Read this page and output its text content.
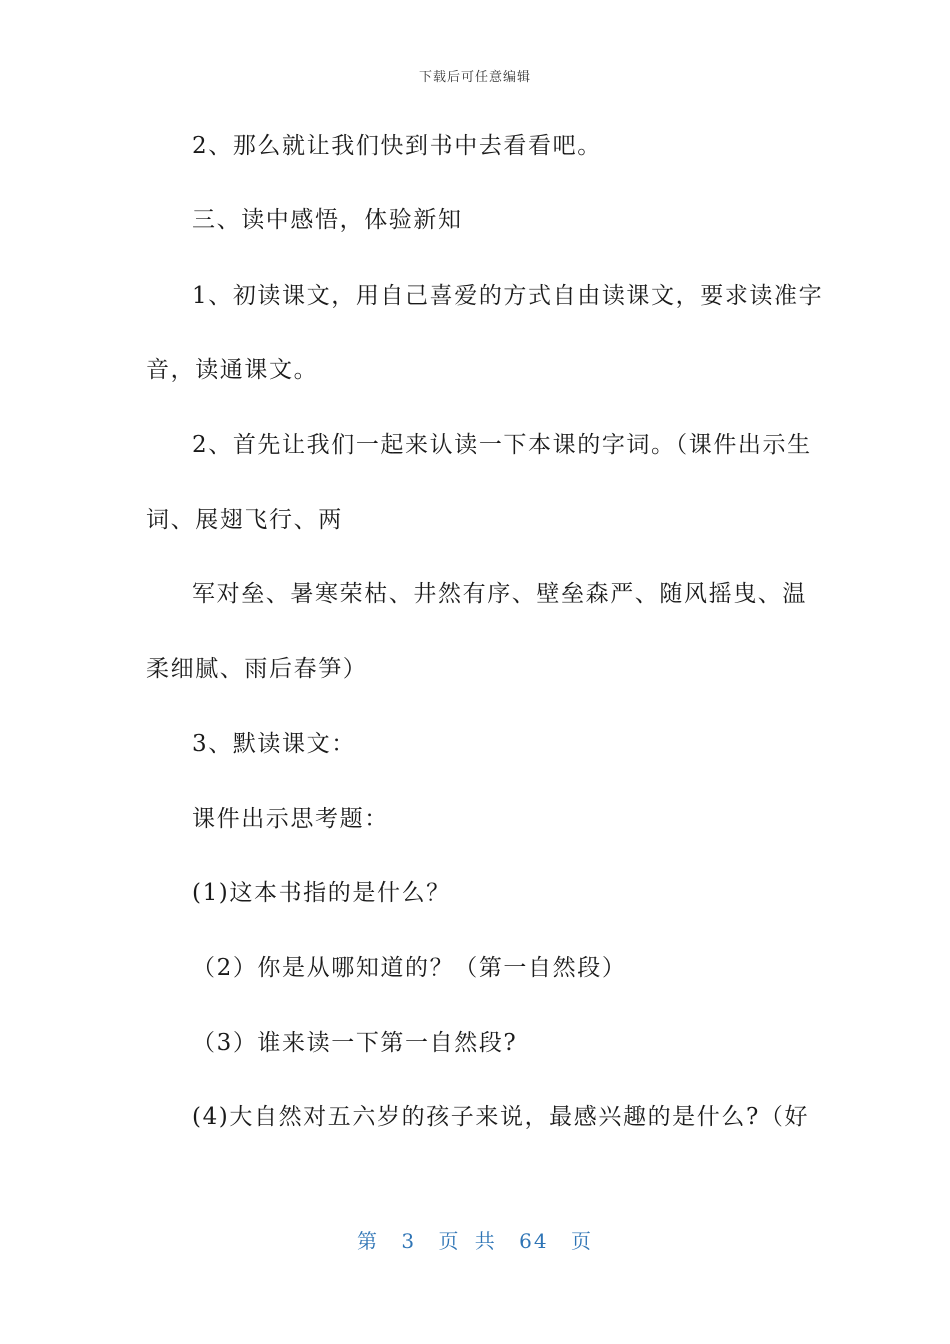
下载后可任意编辑
2、那么就让我们快到书中去看看吧。
三、读中感悟，体验新知
1、初读课文，用自己喜爱的方式自由读课文，要求读准字
音，读通课文。
2、首先让我们一起来认读一下本课的字词。（课件出示生
词、展翅飞行、两
军对垒、暑寒荣枯、井然有序、壁垒森严、随风摇曳、温
柔细腻、雨后春笋）
3、默读课文：
课件出示思考题：
(1)这本书指的是什么？
（2）你是从哪知道的？（第一自然段）
（3）谁来读一下第一自然段?
(4)大自然对五六岁的孩子来说，最感兴趣的是什么?（好
第 3 页 共 64 页
